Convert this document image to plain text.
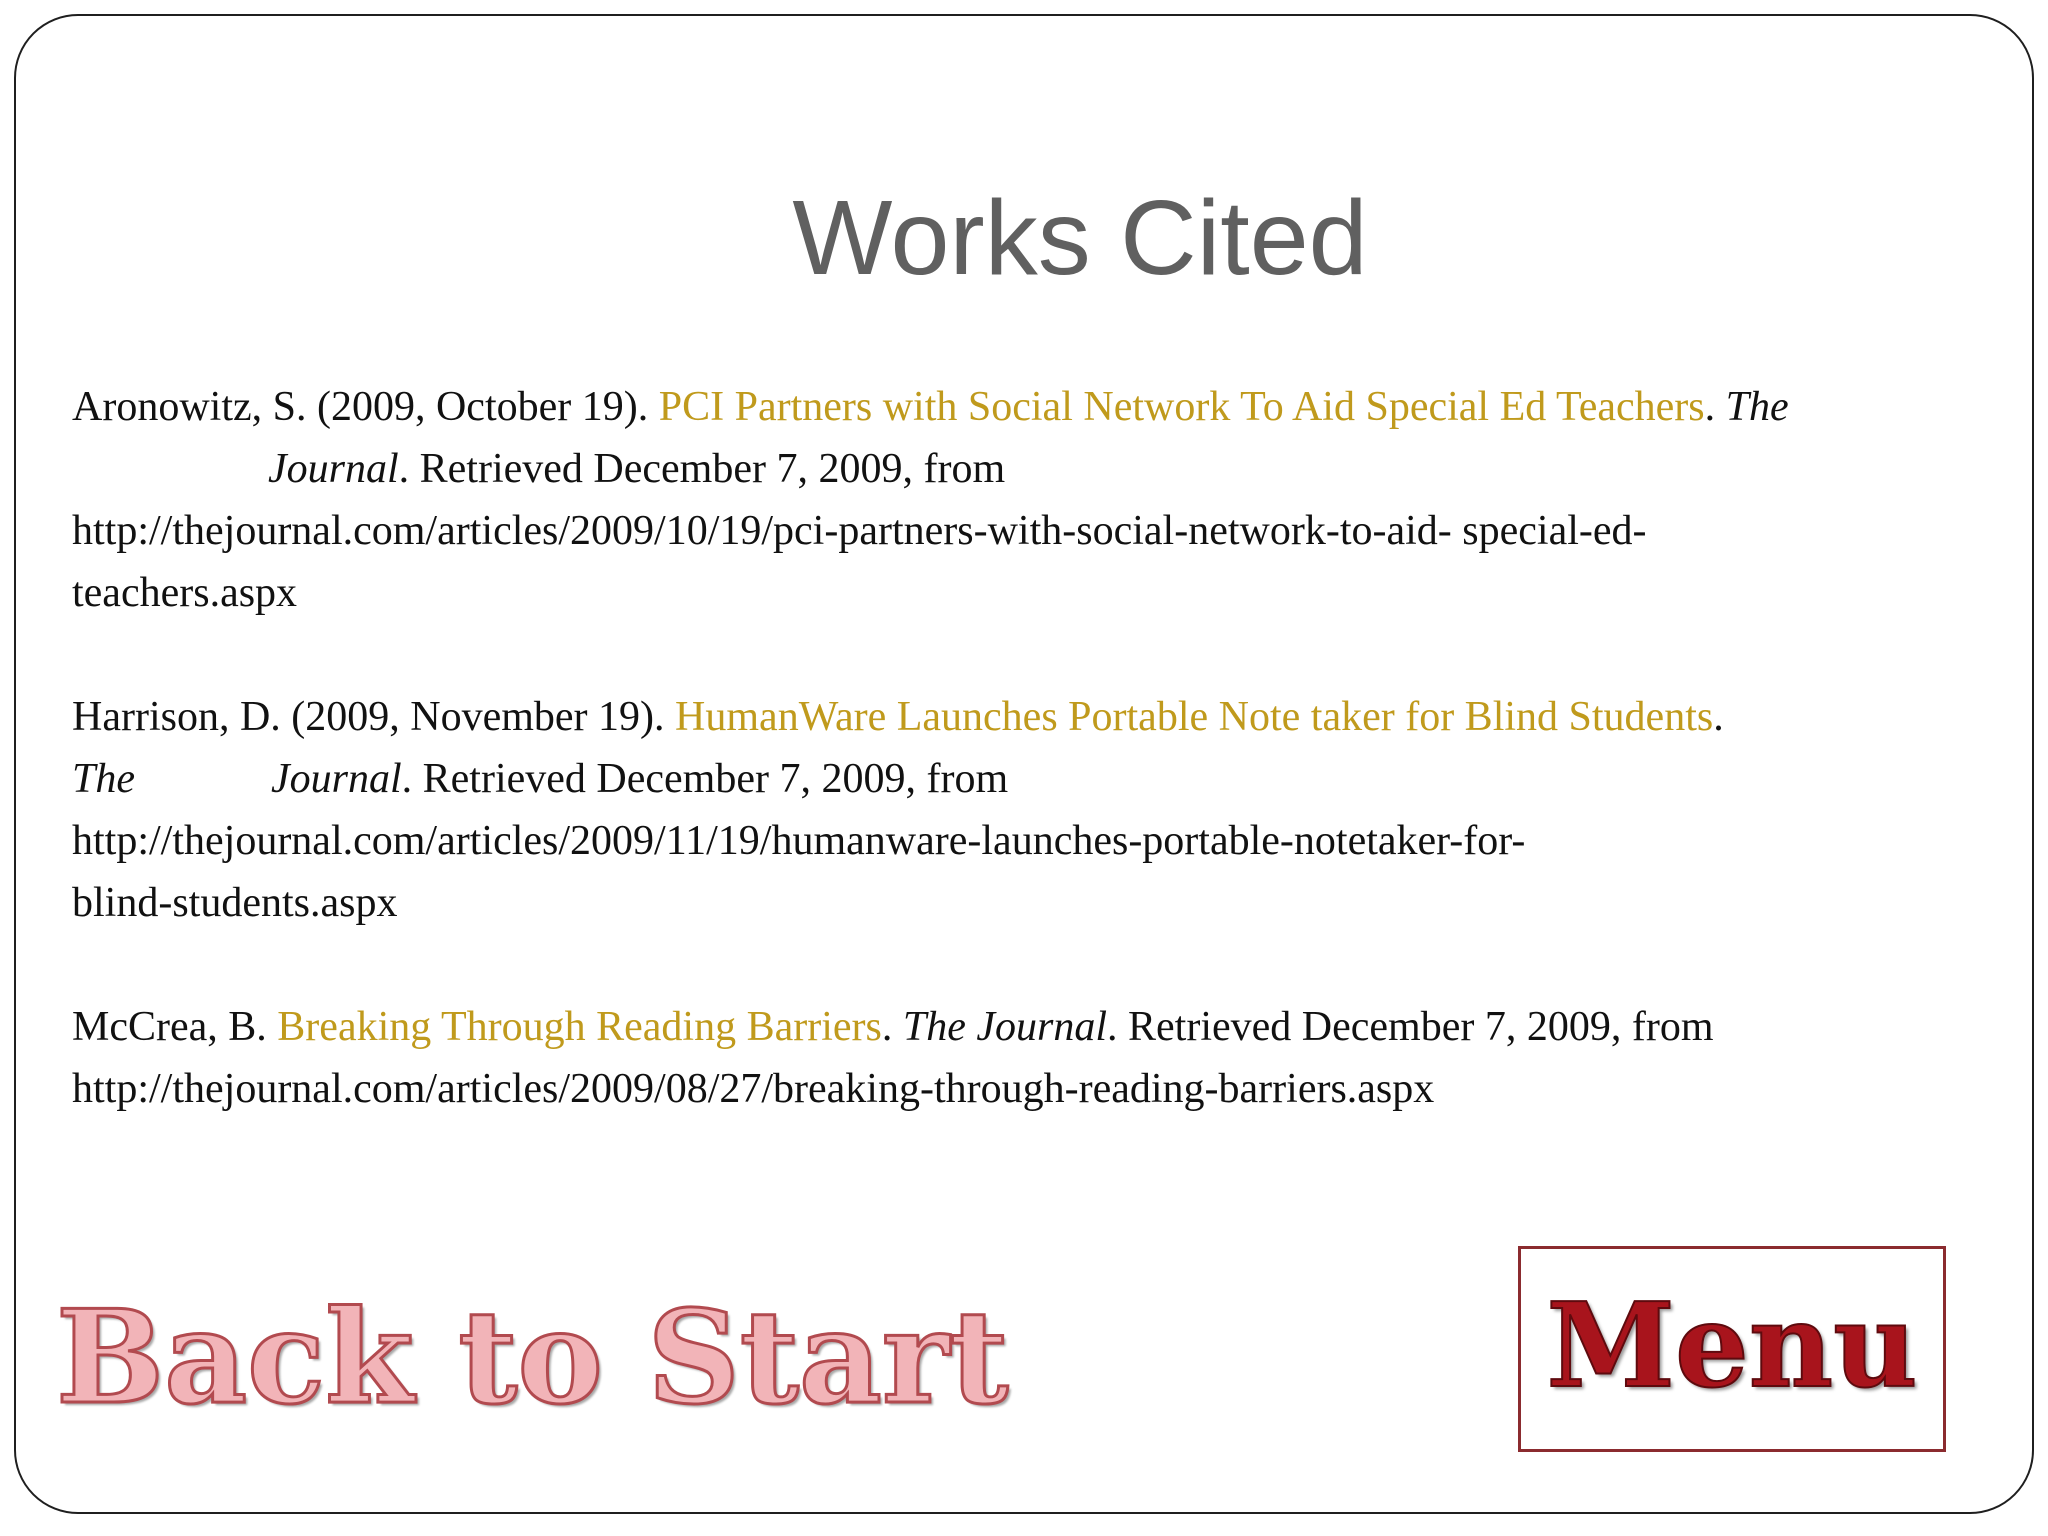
Works Cited

Aronowitz, S. (2009, October 19). PCI Partners with Social Network To Aid Special Ed Teachers. The
Journal. Retrieved December 7, 2009, from
http://thejournal.com/articles/2009/10/19/pci-partners-with-social-network-to-aid- special-ed-
teachers.aspx

Harrison, D. (2009, November 19). HumanWare Launches Portable Note taker for Blind Students.
The	Journal. Retrieved December 7, 2009, from
http://thejournal.com/articles/2009/11/19/humanware-launches-portable-notetaker-for-
blind-students.aspx

McCrea, B. Breaking Through Reading Barriers. The Journal. Retrieved December 7, 2009, from
http://thejournal.com/articles/2009/08/27/breaking-through-reading-barriers.aspx

Back to Start	Menu
